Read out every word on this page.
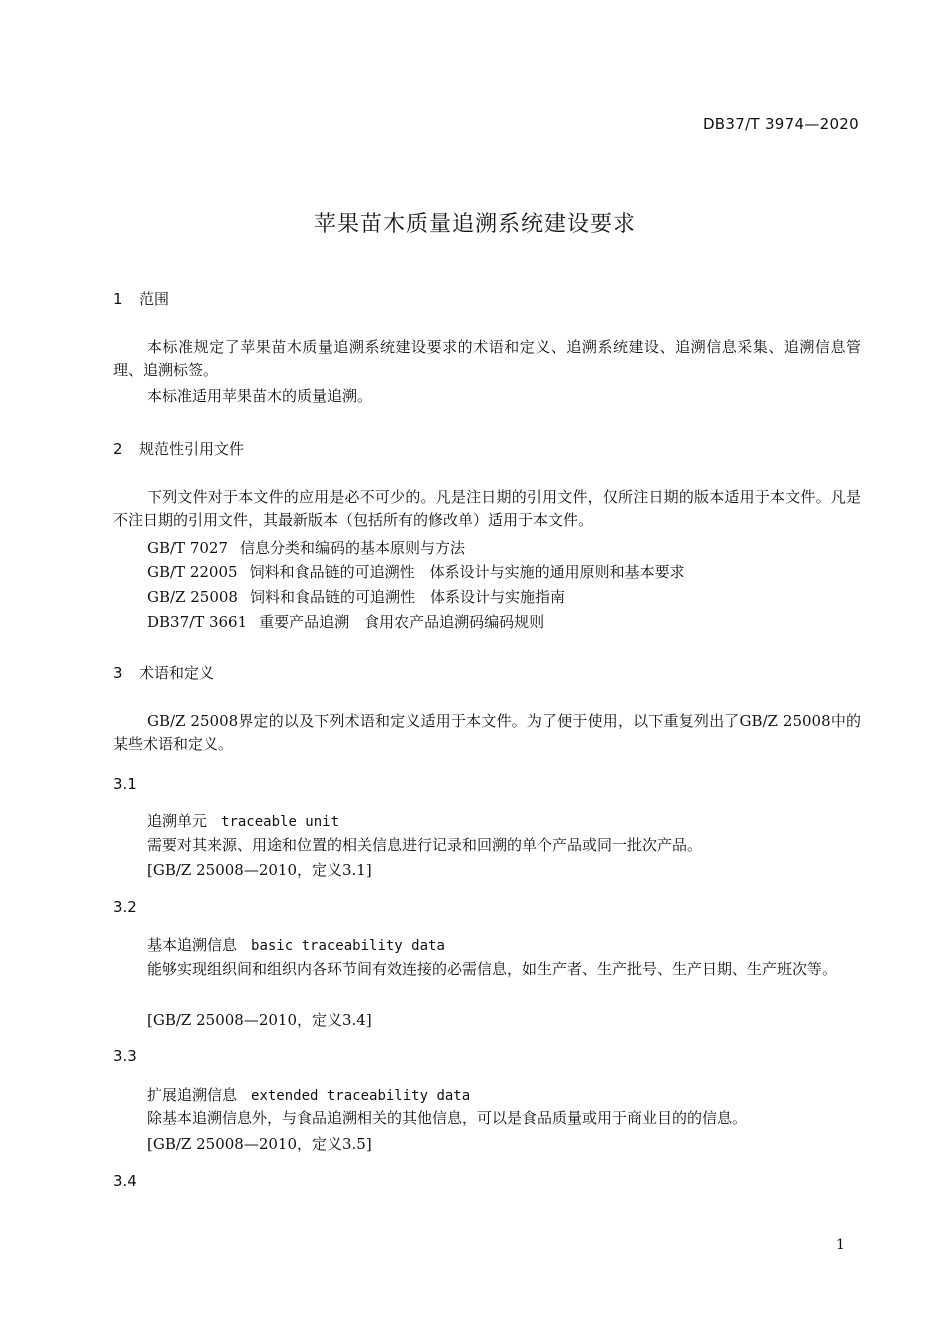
DB37/T 3974—2020
苹果苗木质量追溯系统建设要求
1 范围
本标准规定了苹果苗木质量追溯系统建设要求的术语和定义、追溯系统建设、追溯信息采集、追溯信息管理、追溯标签。
本标准适用苹果苗木的质量追溯。
2 规范性引用文件
下列文件对于本文件的应用是必不可少的。凡是注日期的引用文件，仅所注日期的版本适用于本文件。凡是不注日期的引用文件，其最新版本（包括所有的修改单）适用于本文件。
GB/T 7027 信息分类和编码的基本原则与方法
GB/T 22005 饲料和食品链的可追溯性　体系设计与实施的通用原则和基本要求
GB/Z 25008 饲料和食品链的可追溯性　体系设计与实施指南
DB37/T 3661 重要产品追溯　食用农产品追溯码编码规则
3 术语和定义
GB/Z 25008界定的以及下列术语和定义适用于本文件。为了便于使用，以下重复列出了GB/Z 25008中的某些术语和定义。
3.1
追溯单元 traceable unit
需要对其来源、用途和位置的相关信息进行记录和回溯的单个产品或同一批次产品。
[GB/Z 25008—2010，定义3.1]
3.2
基本追溯信息 basic traceability data
能够实现组织间和组织内各环节间有效连接的必需信息，如生产者、生产批号、生产日期、生产班次等。
[GB/Z 25008—2010，定义3.4]
3.3
扩展追溯信息 extended traceability data
除基本追溯信息外，与食品追溯相关的其他信息，可以是食品质量或用于商业目的的信息。
[GB/Z 25008—2010，定义3.5]
3.4
1
